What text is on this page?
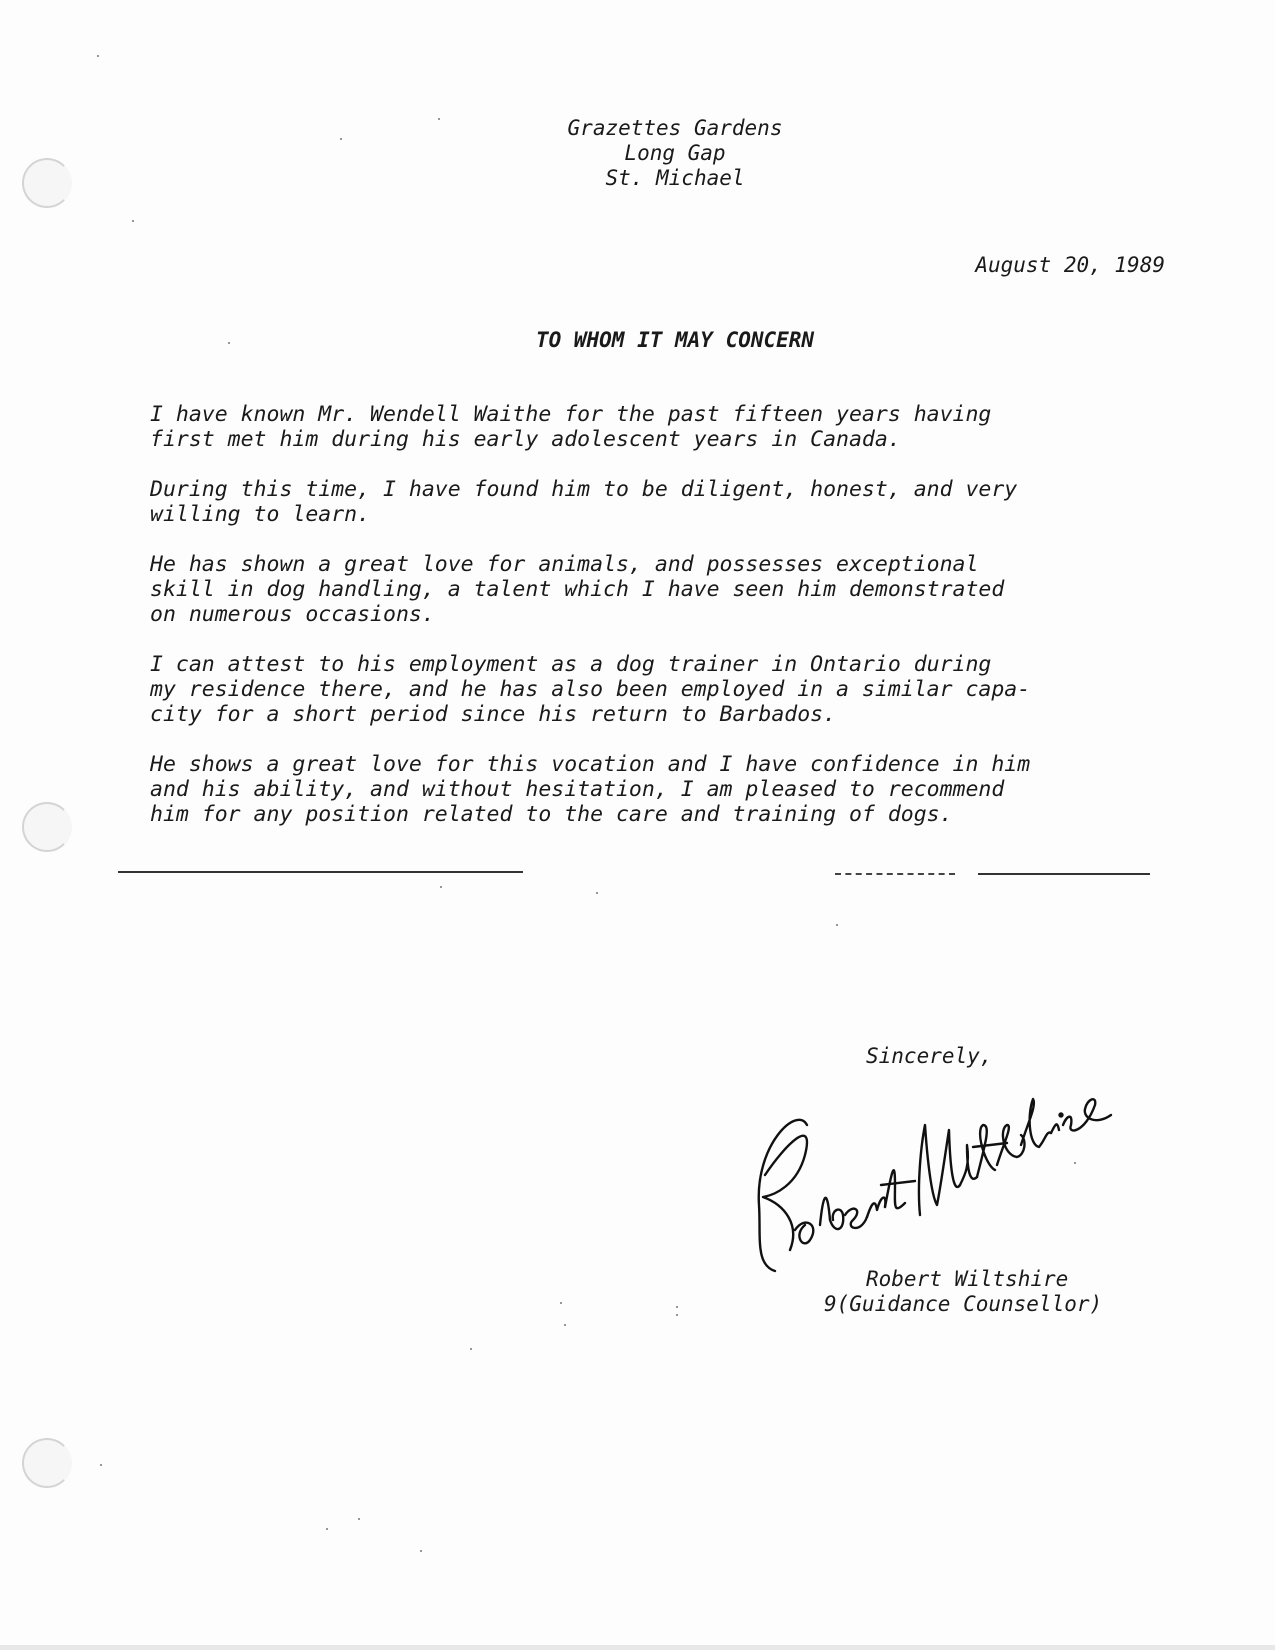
Grazettes Gardens
Long Gap
St. Michael
August 20, 1989
TO WHOM IT MAY CONCERN

I have known Mr. Wendell Waithe for the past fifteen years having
first met him during his early adolescent years in Canada.

During this time, I have found him to be diligent, honest, and very
willing to learn.

He has shown a great love for animals, and possesses exceptional
skill in dog handling, a talent which I have seen him demonstrated
on numerous occasions.

I can attest to his employment as a dog trainer in Ontario during
my residence there, and he has also been employed in a similar capa-
city for a short period since his return to Barbados.

He shows a great love for this vocation and I have confidence in him
and his ability, and without hesitation, I am pleased to recommend
him for any position related to the care and training of dogs.

Sincerely,
Robert Wiltshire
9(Guidance Counsellor)
